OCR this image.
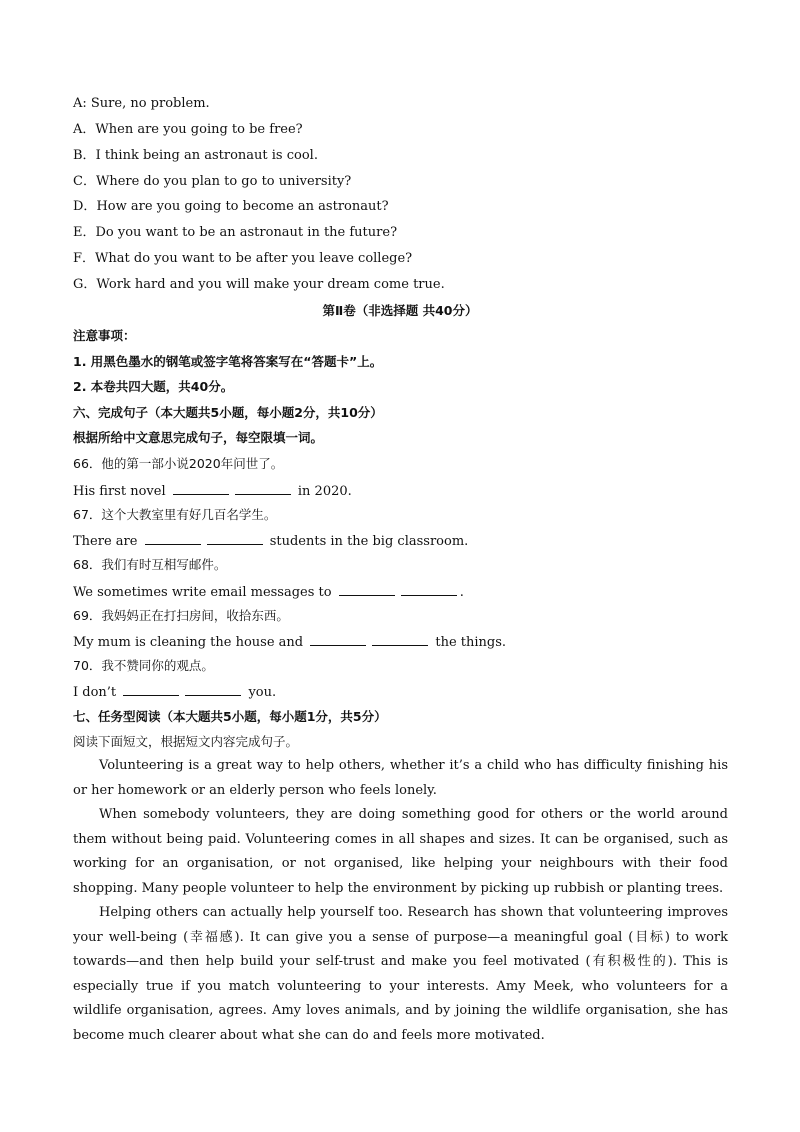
A: Sure, no problem.
A．When are you going to be free?
B．I think being an astronaut is cool.
C．Where do you plan to go to university?
D．How are you going to become an astronaut?
E．Do you want to be an astronaut in the future?
F．What do you want to be after you leave college?
G．Work hard and you will make your dream come true.
第Ⅱ卷（非选择题 共40分）
注意事项：
1. 用黑色墨水的钢笔或签字笔将答案写在“答题卡”上。
2. 本卷共四大题，共40分。
六、完成句子（本大题共5小题，每小题2分，共10分）
根据所给中文意思完成句子，每空限填一词。
66．他的第一部小说2020年问世了。
His first novel	in 2020.
67．这个大教室里有好几百名学生。
There are	students in the big classroom.
68．我们有时互相写邮件。
We sometimes write email messages to	.
69．我妈妈正在打扫房间，收拾东西。
My mum is cleaning the house and	the things.
70．我不赞同你的观点。
I don’t	you.
七、任务型阅读（本大题共5小题，每小题1分，共5分）
阅读下面短文，根据短文内容完成句子。
Volunteering is a great way to help others, whether it’s a child who has difficulty finishing his or her homework or an elderly person who feels lonely.
When somebody volunteers, they are doing something good for others or the world around them without being paid. Volunteering comes in all shapes and sizes. It can be organised, such as working for an organisation, or not organised, like helping your neighbours with their food shopping. Many people volunteer to help the environment by picking up rubbish or planting trees.
Helping others can actually help yourself too. Research has shown that volunteering improves your well-being (幸福感). It can give you a sense of purpose—a meaningful goal (目标) to work towards—and then help build your self-trust and make you feel motivated (有积极性的). This is especially true if you match volunteering to your interests. Amy Meek, who volunteers for a wildlife organisation, agrees. Amy loves animals, and by joining the wildlife organisation, she has become much clearer about what she can do and feels more motivated.
